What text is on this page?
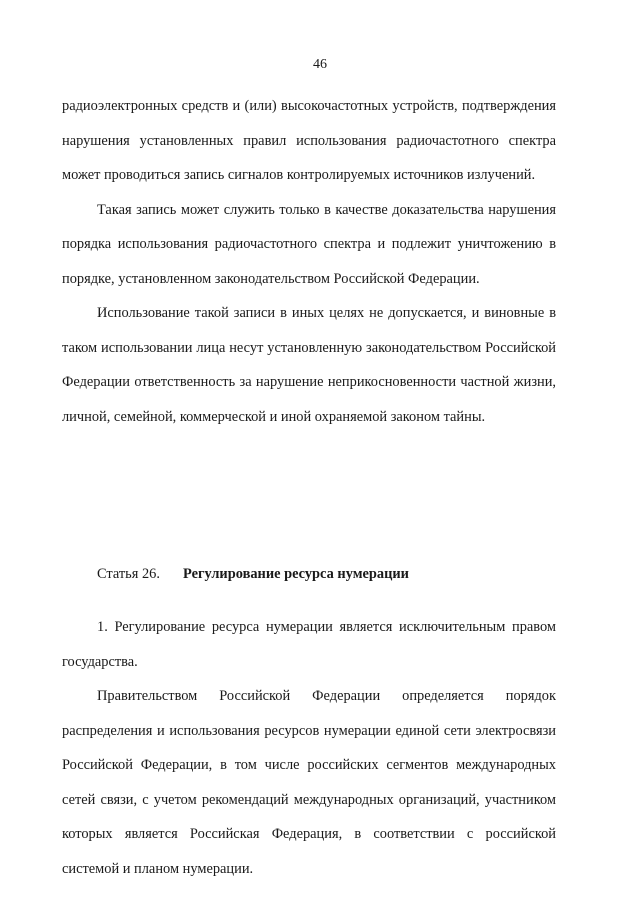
46

радиоэлектронных средств и (или) высокочастотных устройств, подтверждения нарушения установленных правил использования радиочастотного спектра может проводиться запись сигналов контролируемых источников излучений.

Такая запись может служить только в качестве доказательства нарушения порядка использования радиочастотного спектра и подлежит уничтожению в порядке, установленном законодательством Российской Федерации.

Использование такой записи в иных целях не допускается, и виновные в таком использовании лица несут установленную законодательством Российской Федерации ответственность за нарушение неприкосновенности частной жизни, личной, семейной, коммерческой и иной охраняемой законом тайны.

Статья 26. Регулирование ресурса нумерации

1. Регулирование ресурса нумерации является исключительным правом государства.

Правительством Российской Федерации определяется порядок распределения и использования ресурсов нумерации единой сети электросвязи Российской Федерации, в том числе российских сегментов международных сетей связи, с учетом рекомендаций международных организаций, участником которых является Российская Федерация, в соответствии с российской системой и планом нумерации.
